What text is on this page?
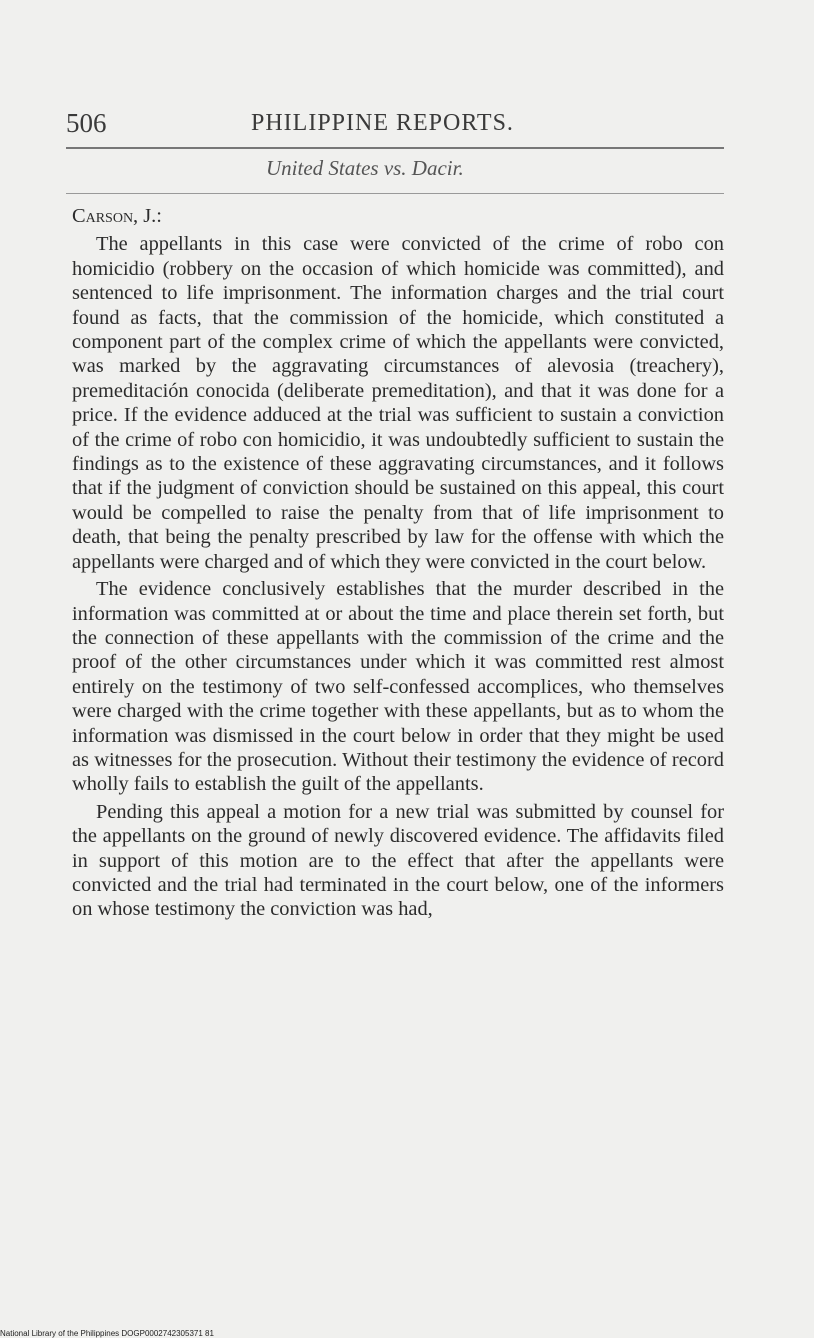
506	PHILIPPINE REPORTS.
United States vs. Dacir.

Carson, J.:

The appellants in this case were convicted of the crime of robo con homicidio (robbery on the occasion of which homicide was committed), and sentenced to life imprisonment. The information charges and the trial court found as facts, that the commission of the homicide, which constituted a component part of the complex crime of which the appellants were convicted, was marked by the aggravating circumstances of alevosia (treachery), premeditación conocida (deliberate premeditation), and that it was done for a price. If the evidence adduced at the trial was sufficient to sustain a conviction of the crime of robo con homicidio, it was undoubtedly sufficient to sustain the findings as to the existence of these aggravating circumstances, and it follows that if the judgment of conviction should be sustained on this appeal, this court would be compelled to raise the penalty from that of life imprisonment to death, that being the penalty prescribed by law for the offense with which the appellants were charged and of which they were convicted in the court below.

The evidence conclusively establishes that the murder described in the information was committed at or about the time and place therein set forth, but the connection of these appellants with the commission of the crime and the proof of the other circumstances under which it was committed rest almost entirely on the testimony of two self-confessed accomplices, who themselves were charged with the crime together with these appellants, but as to whom the information was dismissed in the court below in order that they might be used as witnesses for the prosecution. Without their testimony the evidence of record wholly fails to establish the guilt of the appellants.

Pending this appeal a motion for a new trial was submitted by counsel for the appellants on the ground of newly discovered evidence. The affidavits filed in support of this motion are to the effect that after the appellants were convicted and the trial had terminated in the court below, one of the informers on whose testimony the conviction was had,

National Library of the Philippines DOGP0002742305371 81
